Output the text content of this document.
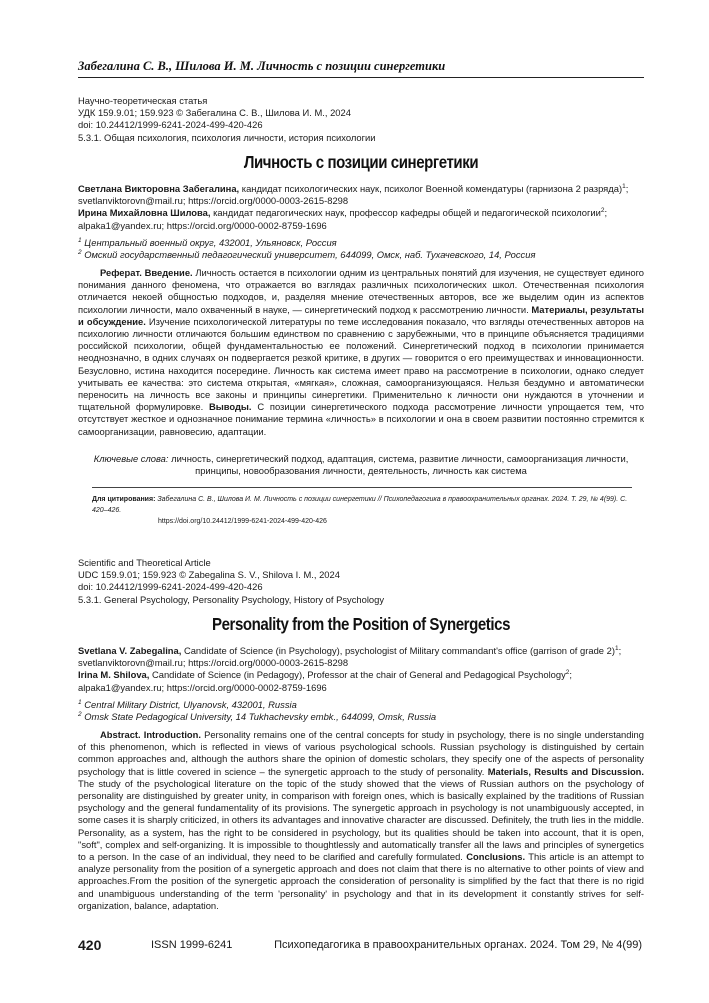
Забегалина С. В., Шилова И. М. Личность с позиции синергетики
Научно-теоретическая статья
УДК 159.9.01; 159.923 © Забегалина С. В., Шилова И. М., 2024
doi: 10.24412/1999-6241-2024-499-420-426
5.3.1. Общая психология, психология личности, история психологии
Личность с позиции синергетики

Светлана Викторовна Забегалина, кандидат психологических наук, психолог Военной комендатуры (гарнизона 2 разряда)$^1$; svetlanviktorovn@mail.ru; https://orcid.org/0000-0003-2615-8298

Ирина Михайловна Шилова, кандидат педагогических наук, профессор кафедры общей и педагогической психологии$^2$; alpaka1@yandex.ru; https://orcid.org/0000-0002-8759-1696

$^1$ Центральный военный округ, 432001, Ульяновск, Россия
$^2$ Омский государственный педагогический университет, 644099, Омск, наб. Тухачевского, 14, Россия

Реферат. Введение. Личность остается в психологии одним из центральных понятий для изучения, не существует единого понимания данного феномена, что отражается во взглядах различных психологических школ. Отечественная психология отличается некоей общностью подходов, и, разделяя мнение отечественных авторов, все же выделим один из аспектов психологии личности, мало охваченный в науке, — синергетический подход к рассмотрению личности. Материалы, результаты и обсуждение. Изучение психологической литературы по теме исследования показало, что взгляды отечественных авторов на психологию личности отличаются большим единством по сравнению с зарубежными, что в принципе объясняется традициями российской психологии, общей фундаментальностью ее положений. Синергетический подход в психологии принимается неоднозначно, в одних случаях он подвергается резкой критике, в других — говорится о его преимуществах и инновационности. Безусловно, истина находится посередине. Личность как система имеет право на рассмотрение в психологии, однако следует учитывать ее качества: это система открытая, «мягкая», сложная, самоорганизующаяся. Нельзя бездумно и автоматически переносить на личность все законы и принципы синергетики. Применительно к личности они нуждаются в уточнении и тщательной формулировке. Выводы. С позиции синергетического подхода рассмотрение личности упрощается тем, что отсутствует жесткое и однозначное понимание термина «личность» в психологии и она в своем развитии постоянно стремится к самоорганизации, равновесию, адаптации.

Ключевые слова: личность, синергетический подход, адаптация, система, развитие личности, самоорганизация личности, принципы, новообразования личности, деятельность, личность как система
Для цитирования: Забегалина С. В., Шилова И. М. Личность с позиции синергетики // Психопедагогика в правоохранительных органах. 2024. Т. 29, № 4(99). С. 420–426.
https://doi.org/10.24412/1999-6241-2024-499-420-426
Scientific and Theoretical Article
UDC 159.9.01; 159.923 © Zabegalina S. V., Shilova I. M., 2024
doi: 10.24412/1999-6241-2024-499-420-426
5.3.1. General Psychology, Personality Psychology, History of Psychology
Personality from the Position of Synergetics

Svetlana V. Zabegalina, Candidate of Science (in Psychology), psychologist of Military commandant's office (garrison of grade 2)$^1$; svetlanviktorovn@mail.ru; https://orcid.org/0000-0003-2615-8298

Irina M. Shilova, Candidate of Science (in Pedagogy), Professor at the chair of General and Pedagogical Psychology$^2$; alpaka1@yandex.ru; https://orcid.org/0000-0002-8759-1696

$^1$ Central Military District, Ulyanovsk, 432001, Russia
$^2$ Omsk State Pedagogical University, 14 Tukhachevsky embk., 644099, Omsk, Russia

Abstract. Introduction. Personality remains one of the central concepts for study in psychology, there is no single understanding of this phenomenon, which is reflected in views of various psychological schools. Russian psychology is distinguished by certain common approaches and, although the authors share the opinion of domestic scholars, they specify one of the aspects of personality psychology that is little covered in science – the synergetic approach to the study of personality. Materials, Results and Discussion. The study of the psychological literature on the topic of the study showed that the views of Russian authors on the psychology of personality are distinguished by greater unity, in comparison with foreign ones, which is basically explained by the traditions of Russian psychology and the general fundamentality of its provisions. The synergetic approach in psychology is not unambiguously accepted, in some cases it is sharply criticized, in others its advantages and innovative character are discussed. Definitely, the truth lies in the middle. Personality, as a system, has the right to be considered in psychology, but its qualities should be taken into account, that it is open, "soft", complex and self-organizing. It is impossible to thoughtlessly and automatically transfer all the laws and principles of synergetics to a person. In the case of an individual, they need to be clarified and carefully formulated. Conclusions. This article is an attempt to analyze personality from the position of a synergetic approach and does not claim that there is no alternative to other points of view and approaches.From the position of the synergetic approach the consideration of personality is simplified by the fact that there is no rigid and unambiguous understanding of the term 'personality' in psychology and that in its development it constantly strives for self-organization, balance, adaptation.

420	ISSN 1999-6241	Психопедагогика в правоохранительных органах. 2024. Том 29, № 4(99)
